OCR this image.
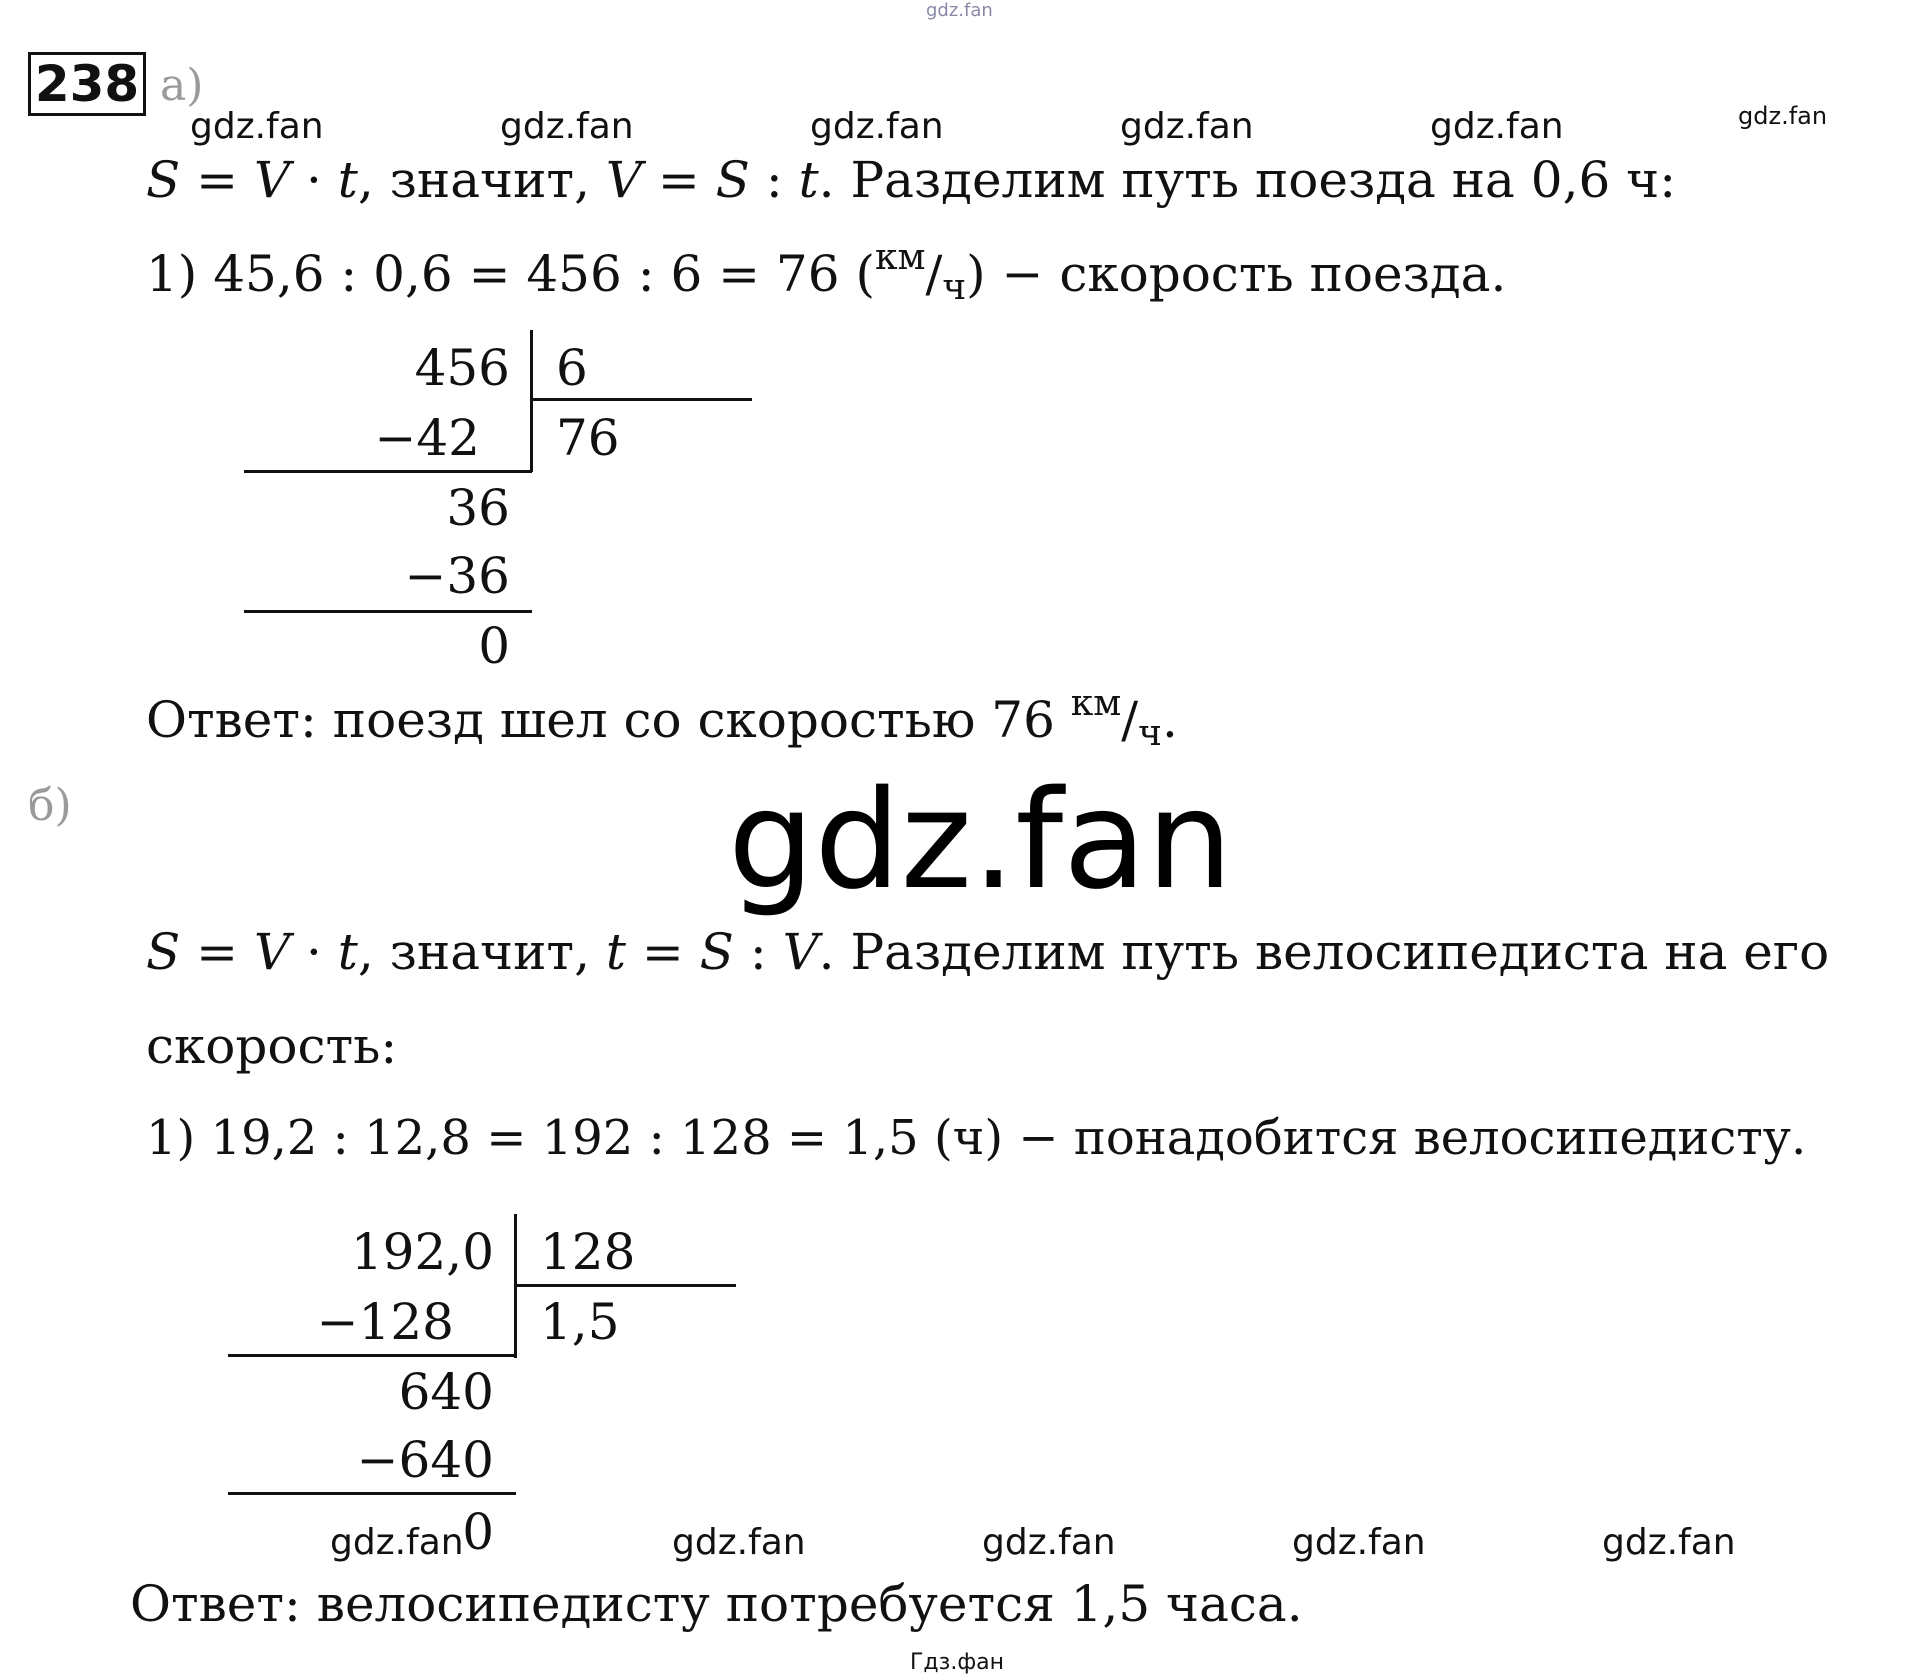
gdz.fan
238 а)
gdz.fan	gdz.fan	gdz.fan	gdz.fan	gdz.fan	gdz.fan
S = V · t, значит, V = S : t. Разделим путь поезда на 0,6 ч:
1) 45,6 : 0,6 = 456 : 6 = 76 ($^{км}$/ч) − скорость поезда.
456 6
−42 76
36
−36
0
Ответ: поезд шел со скоростью 76 $^{км}$/ч.
б)	gdz.fan
S = V · t, значит, t = S : V. Разделим путь велосипедиста на его
скорость:
1) 19,2 : 12,8 = 192 : 128 = 1,5 (ч) − понадобится велосипедисту.
192,0 128
−128 1,5
640
−640
0
gdz.fan	gdz.fan	gdz.fan	gdz.fan	gdz.fan
Ответ: велосипедисту потребуется 1,5 часа.
Гдз.фан
